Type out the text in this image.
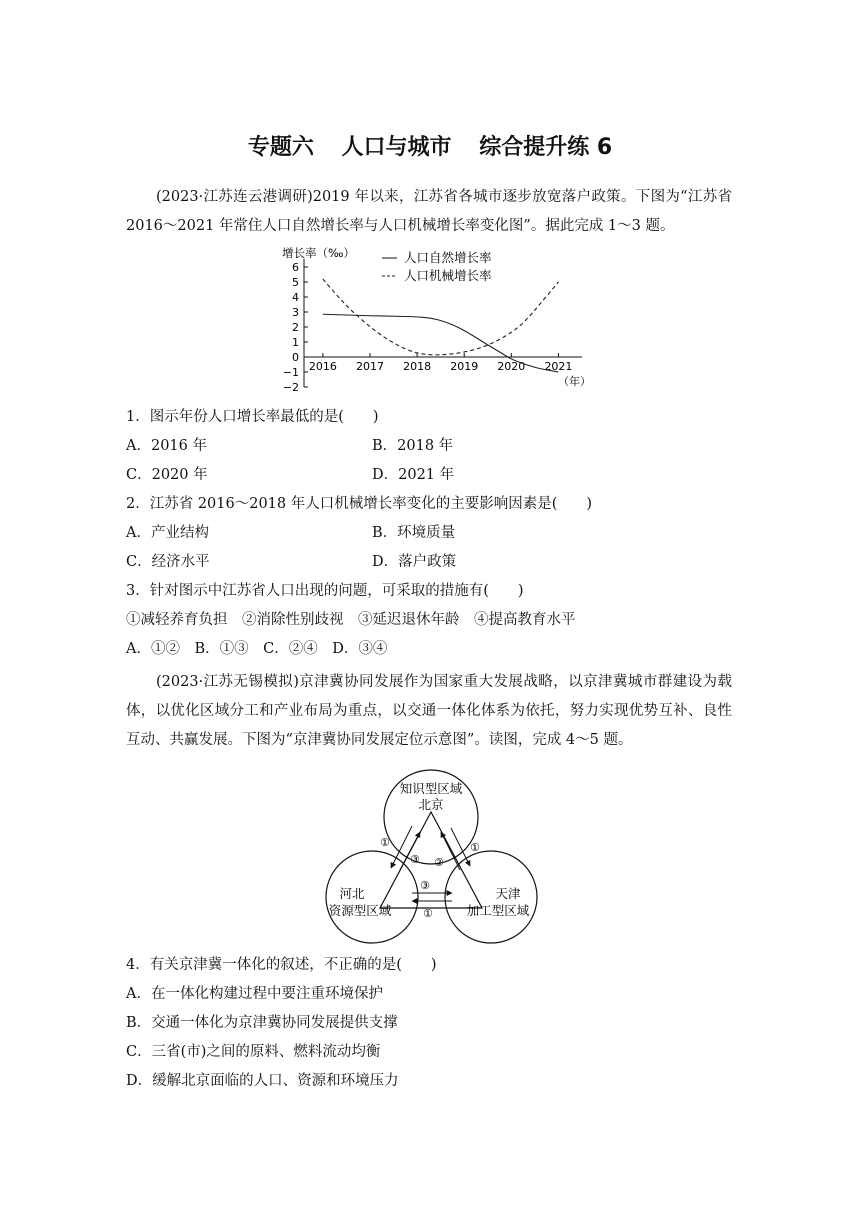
专题六 人口与城市 综合提升练 6
(2023·江苏连云港调研)2019 年以来，江苏省各城市逐步放宽落户政策。下图为“江苏省 2016～2021 年常住人口自然增长率与人口机械增长率变化图”。据此完成 1～3 题。
增长率（‰）	人口自然增长率
人口机械增长率
6
5
4
3
2
1
0
−1
−2
2016 2017 2018 2019 2020 2021
（年）
1．图示年份人口增长率最低的是(　　)
A．2016 年	B．2018 年
C．2020 年	D．2021 年
2．江苏省 2016～2018 年人口机械增长率变化的主要影响因素是(　　)
A．产业结构	B．环境质量
C．经济水平	D．落户政策
3．针对图示中江苏省人口出现的问题，可采取的措施有(　　)
①减轻养育负担　②消除性别歧视　③延迟退休年龄　④提高教育水平
A．①②　B．①③　C．②④　D．③④
(2023·江苏无锡模拟)京津冀协同发展作为国家重大发展战略，以京津冀城市群建设为载体，以优化区域分工和产业布局为重点，以交通一体化体系为依托，努力实现优势互补、良性互动、共赢发展。下图为“京津冀协同发展定位示意图”。读图，完成 4～5 题。
知识型区域
北京
河北
资源型区域
天津
加工型区域
①
③ ②
①
③
①
4．有关京津冀一体化的叙述，不正确的是(　　)
A．在一体化构建过程中要注重环境保护
B．交通一体化为京津冀协同发展提供支撑
C．三省(市)之间的原料、燃料流动均衡
D．缓解北京面临的人口、资源和环境压力
